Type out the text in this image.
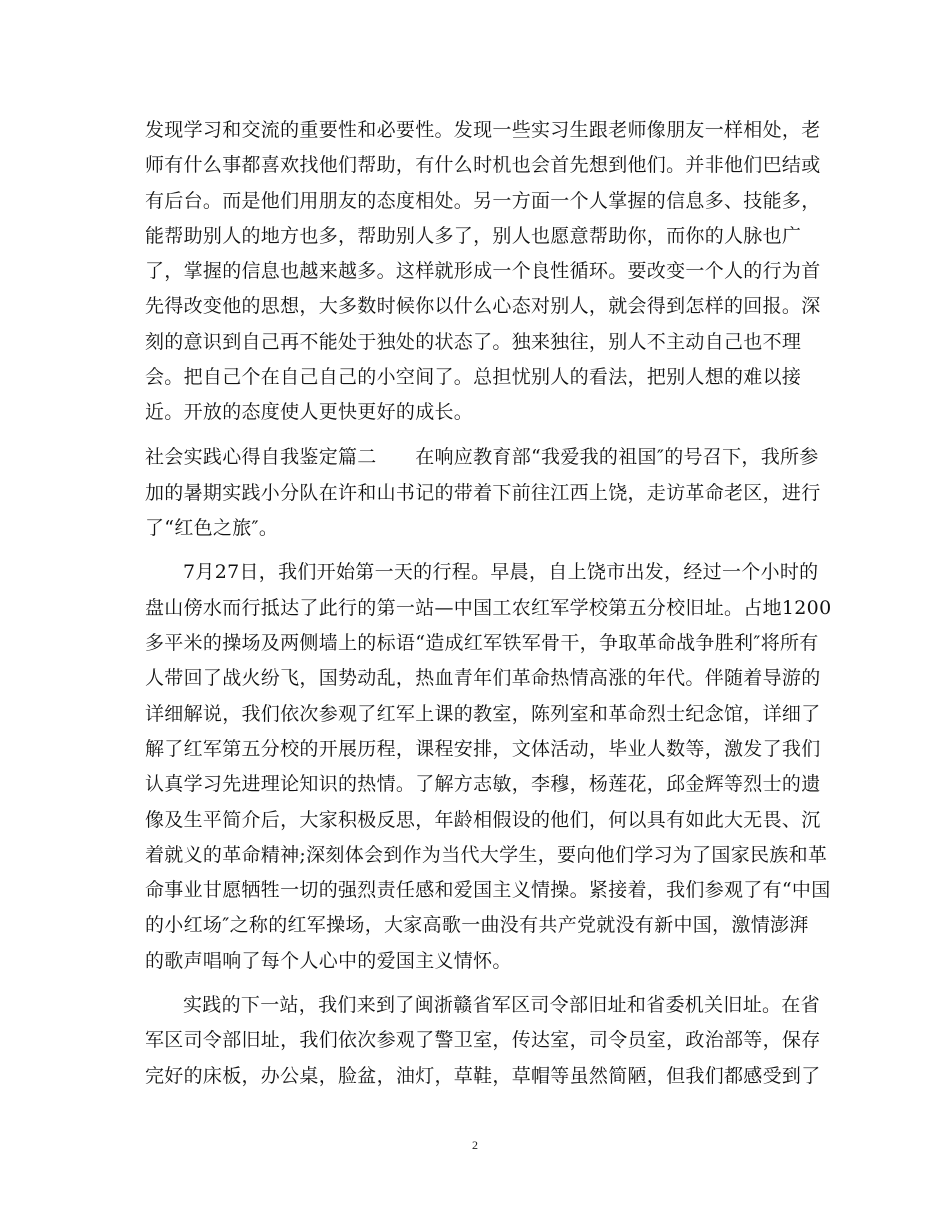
发现学习和交流的重要性和必要性。发现一些实习生跟老师像朋友一样相处，老
师有什么事都喜欢找他们帮助，有什么时机也会首先想到他们。并非他们巴结或
有后台。而是他们用朋友的态度相处。另一方面一个人掌握的信息多、技能多，
能帮助别人的地方也多，帮助别人多了，别人也愿意帮助你，而你的人脉也广
了，掌握的信息也越来越多。这样就形成一个良性循环。要改变一个人的行为首
先得改变他的思想，大多数时候你以什么心态对别人，就会得到怎样的回报。深
刻的意识到自己再不能处于独处的状态了。独来独往，别人不主动自己也不理
会。把自己个在自己自己的小空间了。总担忧别人的看法，把别人想的难以接
近。开放的态度使人更快更好的成长。
社会实践心得自我鉴定篇二　　在响应教育部“我爱我的祖国″的号召下，我所参
加的暑期实践小分队在许和山书记的带着下前往江西上饶，走访革命老区，进行
了“红色之旅″。
7月27日，我们开始第一天的行程。早晨，自上饶市出发，经过一个小时的
盘山傍水而行抵达了此行的第一站—中国工农红军学校第五分校旧址。占地1200
多平米的操场及两侧墙上的标语“造成红军铁军骨干，争取革命战争胜利″将所有
人带回了战火纷飞，国势动乱，热血青年们革命热情高涨的年代。伴随着导游的
详细解说，我们依次参观了红军上课的教室，陈列室和革命烈士纪念馆，详细了
解了红军第五分校的开展历程，课程安排，文体活动，毕业人数等，激发了我们
认真学习先进理论知识的热情。了解方志敏，李穆，杨莲花，邱金辉等烈士的遗
像及生平简介后，大家积极反思，年龄相假设的他们，何以具有如此大无畏、沉
着就义的革命精神;深刻体会到作为当代大学生，要向他们学习为了国家民族和革
命事业甘愿牺牲一切的强烈责任感和爱国主义情操。紧接着，我们参观了有“中国
的小红场″之称的红军操场，大家高歌一曲没有共产党就没有新中国，激情澎湃
的歌声唱响了每个人心中的爱国主义情怀。
实践的下一站，我们来到了闽浙赣省军区司令部旧址和省委机关旧址。在省
军区司令部旧址，我们依次参观了警卫室，传达室，司令员室，政治部等，保存
完好的床板，办公桌，脸盆，油灯，草鞋，草帽等虽然简陋，但我们都感受到了
2
